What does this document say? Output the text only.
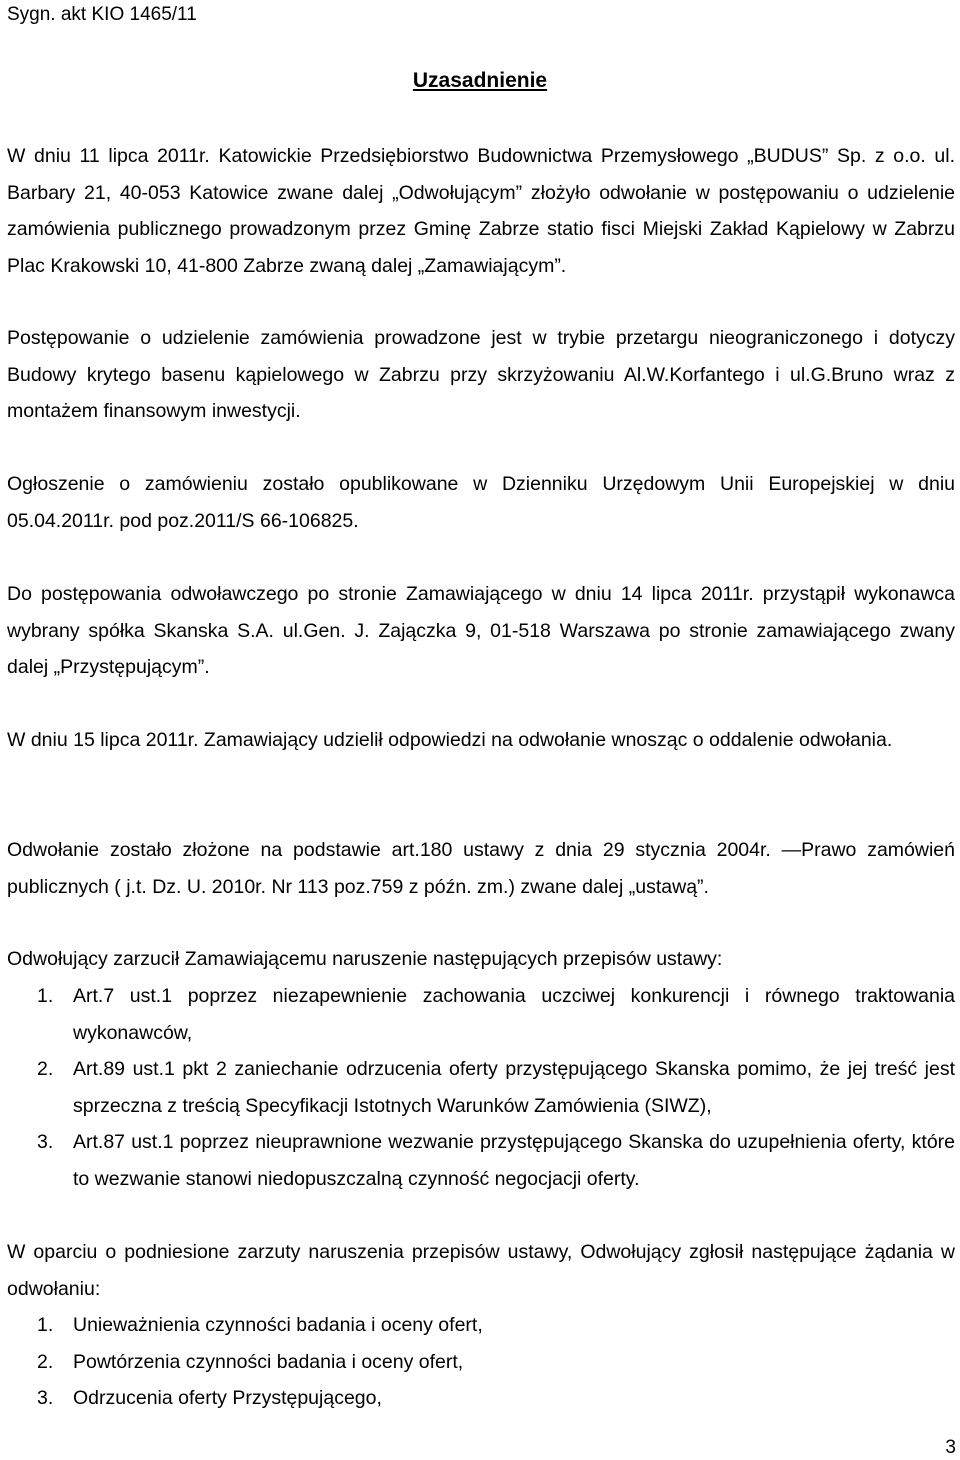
Sygn. akt KIO 1465/11
Uzasadnienie

W dniu 11 lipca 2011r. Katowickie Przedsiębiorstwo Budownictwa Przemysłowego „BUDUS” Sp. z o.o. ul. Barbary 21, 40-053 Katowice zwane dalej „Odwołującym” złożyło odwołanie w postępowaniu o udzielenie zamówienia publicznego prowadzonym przez Gminę Zabrze statio fisci Miejski Zakład Kąpielowy w Zabrzu Plac Krakowski 10, 41-800 Zabrze zwaną dalej „Zamawiającym”.

Postępowanie o udzielenie zamówienia prowadzone jest w trybie przetargu nieograniczonego i dotyczy Budowy krytego basenu kąpielowego w Zabrzu przy skrzyżowaniu Al.W.Korfantego i ul.G.Bruno wraz z montażem finansowym inwestycji.

Ogłoszenie o zamówieniu zostało opublikowane w Dzienniku Urzędowym Unii Europejskiej w dniu 05.04.2011r. pod poz.2011/S 66-106825.

Do postępowania odwoławczego po stronie Zamawiającego w dniu 14 lipca 2011r. przystąpił wykonawca wybrany spółka Skanska S.A. ul.Gen. J. Zajączka 9, 01-518 Warszawa po stronie zamawiającego zwany dalej „Przystępującym”.

W dniu 15 lipca 2011r. Zamawiający udzielił odpowiedzi na odwołanie wnosząc o oddalenie odwołania.

Odwołanie zostało złożone na podstawie art.180 ustawy z dnia 29 stycznia 2004r. —Prawo zamówień publicznych ( j.t. Dz. U. 2010r. Nr 113 poz.759 z późn. zm.) zwane dalej „ustawą”.

Odwołujący zarzucił Zamawiającemu naruszenie następujących przepisów ustawy:

1. Art.7 ust.1 poprzez niezapewnienie zachowania uczciwej konkurencji i równego traktowania wykonawców,
2. Art.89 ust.1 pkt 2 zaniechanie odrzucenia oferty przystępującego Skanska pomimo, że jej treść jest sprzeczna z treścią Specyfikacji Istotnych Warunków Zamówienia (SIWZ),
3. Art.87 ust.1 poprzez nieuprawnione wezwanie przystępującego Skanska do uzupełnienia oferty, które to wezwanie stanowi niedopuszczalną czynność negocjacji oferty.

W oparciu o podniesione zarzuty naruszenia przepisów ustawy, Odwołujący zgłosił następujące żądania w odwołaniu:

1. Unieważnienia czynności badania i oceny ofert,
2. Powtórzenia czynności badania i oceny ofert,
3. Odrzucenia oferty Przystępującego,
3
